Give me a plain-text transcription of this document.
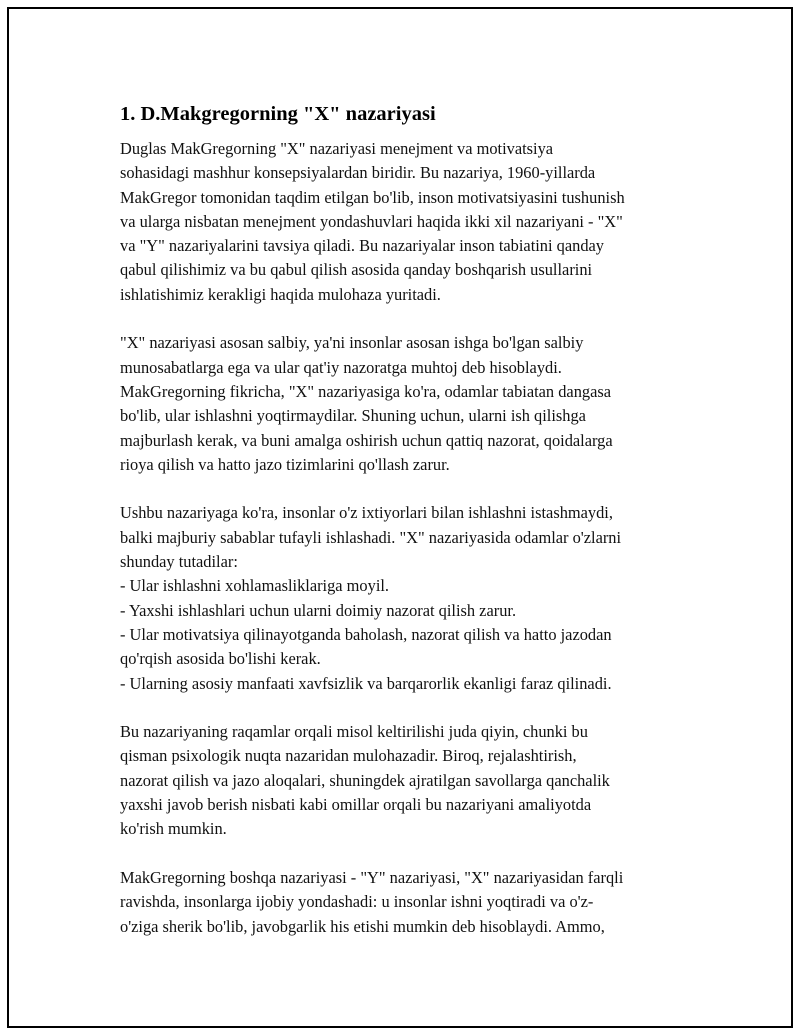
1. D.Makgregorning "X" nazariyasi

Duglas MakGregorning "X" nazariyasi menejment va motivatsiya
sohasidagi mashhur konsepsiyalardan biridir. Bu nazariya, 1960-yillarda
MakGregor tomonidan taqdim etilgan bo'lib, inson motivatsiyasini tushunish
va ularga nisbatan menejment yondashuvlari haqida ikki xil nazariyani - "X"
va "Y" nazariyalarini tavsiya qiladi. Bu nazariyalar inson tabiatini qanday
qabul qilishimiz va bu qabul qilish asosida qanday boshqarish usullarini
ishlatishimiz kerakligi haqida mulohaza yuritadi.

"X" nazariyasi asosan salbiy, ya'ni insonlar asosan ishga bo'lgan salbiy
munosabatlarga ega va ular qat'iy nazoratga muhtoj deb hisoblaydi.
MakGregorning fikricha, "X" nazariyasiga ko'ra, odamlar tabiatan dangasa
bo'lib, ular ishlashni yoqtirmaydilar. Shuning uchun, ularni ish qilishga
majburlash kerak, va buni amalga oshirish uchun qattiq nazorat, qoidalarga
rioya qilish va hatto jazo tizimlarini qo'llash zarur.

Ushbu nazariyaga ko'ra, insonlar o'z ixtiyorlari bilan ishlashni istashmaydi,
balki majburiy sabablar tufayli ishlashadi. "X" nazariyasida odamlar o'zlarni
shunday tutadilar:
- Ular ishlashni xohlamasliklariga moyil.
- Yaxshi ishlashlari uchun ularni doimiy nazorat qilish zarur.
- Ular motivatsiya qilinayotganda baholash, nazorat qilish va hatto jazodan
qo'rqish asosida bo'lishi kerak.
- Ularning asosiy manfaati xavfsizlik va barqarorlik ekanligi faraz qilinadi.

Bu nazariyaning raqamlar orqali misol keltirilishi juda qiyin, chunki bu
qisman psixologik nuqta nazaridan mulohazadir. Biroq, rejalashtirish,
nazorat qilish va jazo aloqalari, shuningdek ajratilgan savollarga qanchalik
yaxshi javob berish nisbati kabi omillar orqali bu nazariyani amaliyotda
ko'rish mumkin.

MakGregorning boshqa nazariyasi - "Y" nazariyasi, "X" nazariyasidan farqli
ravishda, insonlarga ijobiy yondashadi: u insonlar ishni yoqtiradi va o'z-
o'ziga sherik bo'lib, javobgarlik his etishi mumkin deb hisoblaydi. Ammo,
